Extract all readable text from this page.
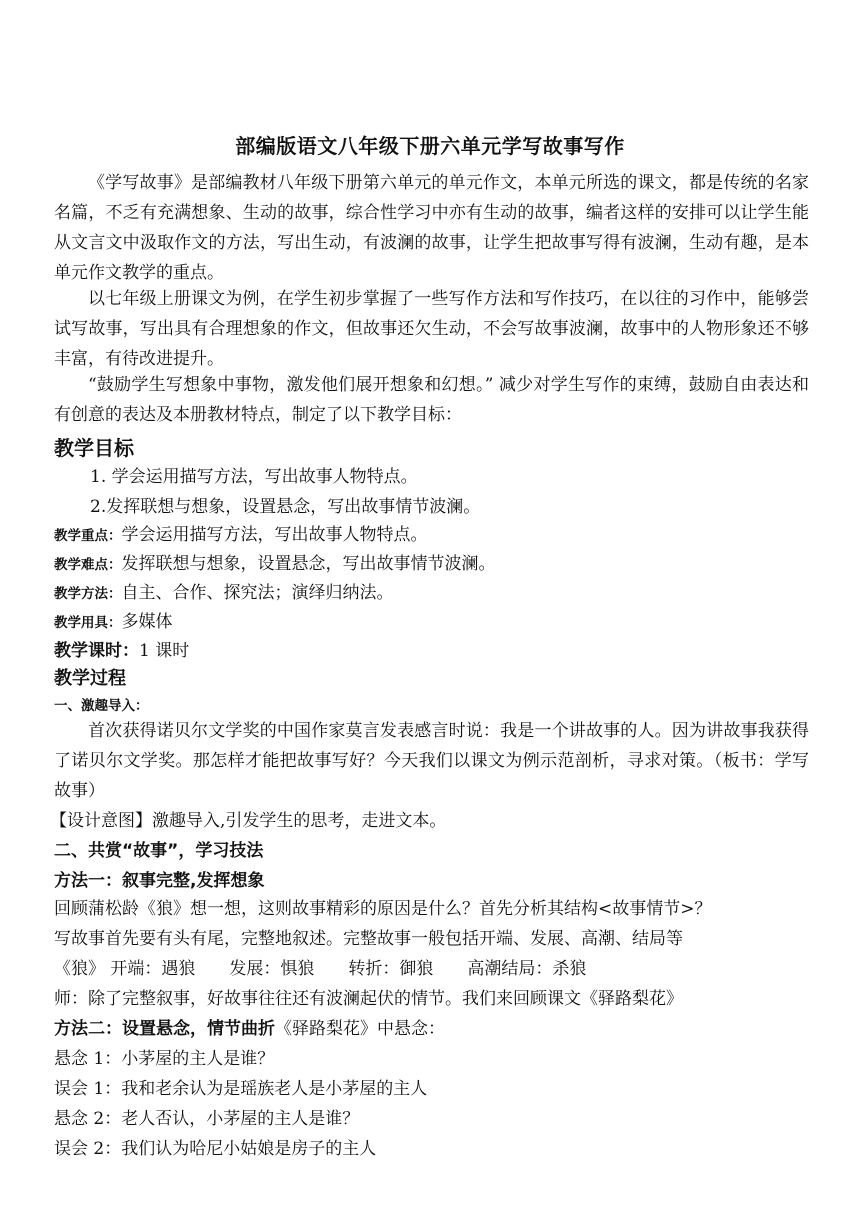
部编版语文八年级下册六单元学写故事写作
《学写故事》是部编教材八年级下册第六单元的单元作文，本单元所选的课文，都是传统的名家名篇，不乏有充满想象、生动的故事，综合性学习中亦有生动的故事，编者这样的安排可以让学生能从文言文中汲取作文的方法，写出生动，有波澜的故事，让学生把故事写得有波澜，生动有趣，是本单元作文教学的重点。
以七年级上册课文为例，在学生初步掌握了一些写作方法和写作技巧，在以往的习作中，能够尝试写故事，写出具有合理想象的作文，但故事还欠生动，不会写故事波澜，故事中的人物形象还不够丰富，有待改进提升。
“鼓励学生写想象中事物，激发他们展开想象和幻想。” 减少对学生写作的束缚，鼓励自由表达和有创意的表达及本册教材特点，制定了以下教学目标：
教学目标
1. 学会运用描写方法，写出故事人物特点。
2.发挥联想与想象，设置悬念，写出故事情节波澜。
教学重点：学会运用描写方法，写出故事人物特点。
教学难点：发挥联想与想象，设置悬念，写出故事情节波澜。
教学方法：自主、合作、探究法；演绎归纳法。
教学用具：多媒体
教学课时：1 课时
教学过程
一、激趣导入：
首次获得诺贝尔文学奖的中国作家莫言发表感言时说：我是一个讲故事的人。因为讲故事我获得了诺贝尔文学奖。那怎样才能把故事写好？今天我们以课文为例示范剖析，寻求对策。（板书：学写故事）
【设计意图】激趣导入,引发学生的思考，走进文本。
二、共赏“故事”，学习技法
方法一：叙事完整,发挥想象
回顾蒲松龄《狼》想一想，这则故事精彩的原因是什么？首先分析其结构<故事情节>？
写故事首先要有头有尾，完整地叙述。完整故事一般包括开端、发展、高潮、结局等
《狼》 开端：遇狼 发展：惧狼 转折：御狼 高潮结局：杀狼
师：除了完整叙事，好故事往往还有波澜起伏的情节。我们来回顾课文《驿路梨花》
方法二：设置悬念，情节曲折《驿路梨花》中悬念：
悬念 1：小茅屋的主人是谁？
误会 1：我和老余认为是瑶族老人是小茅屋的主人
悬念 2：老人否认，小茅屋的主人是谁？
误会 2：我们认为哈尼小姑娘是房子的主人
